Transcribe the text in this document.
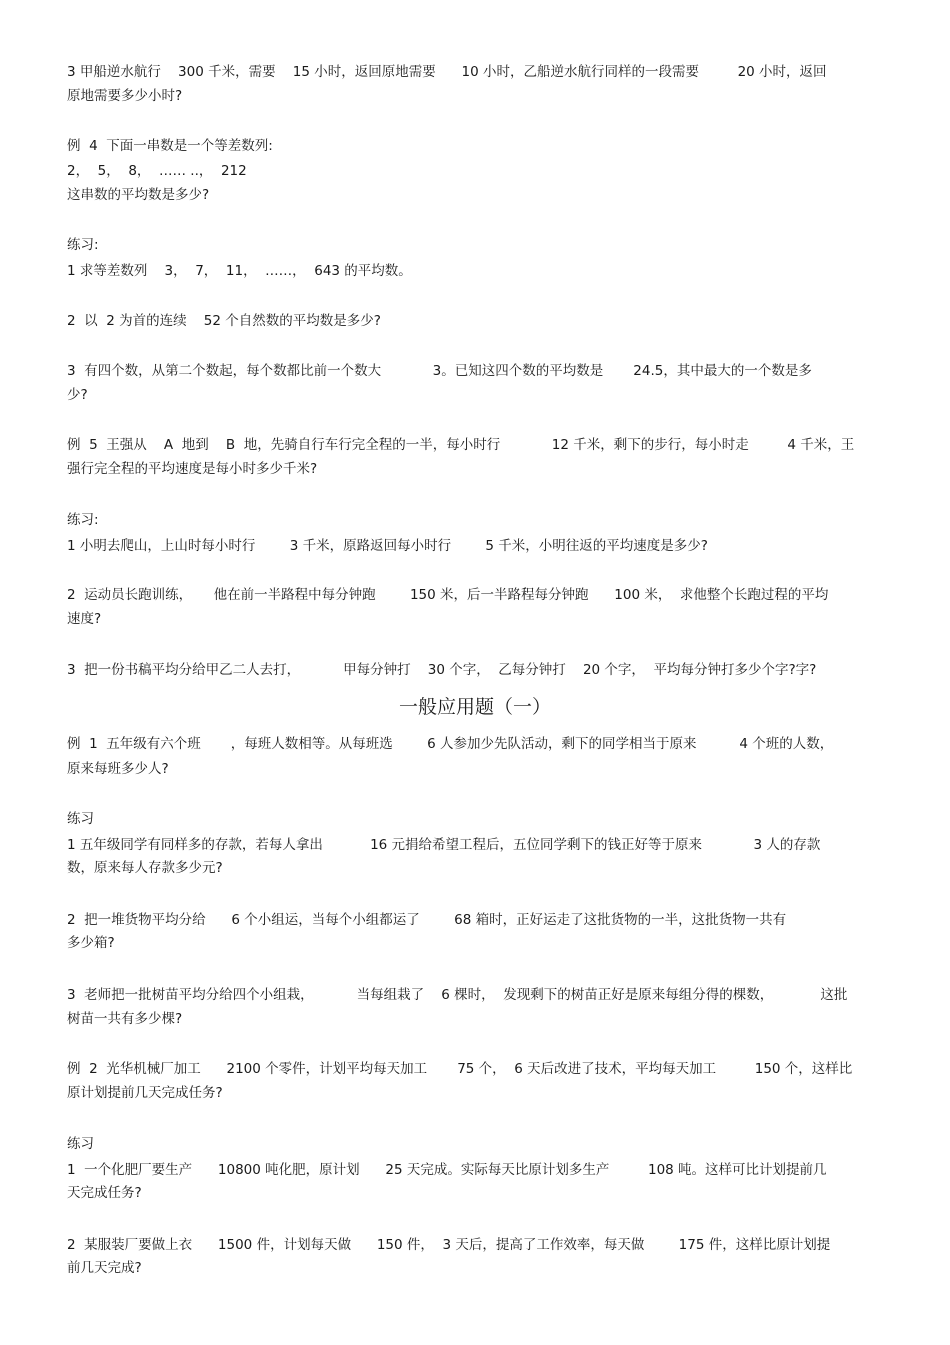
3 甲船逆水航行    300 千米，需要    15 小时，返回原地需要      10 小时，乙船逆水航行同样的一段需要         20 小时，返回
原地需要多少小时?
例  4  下面一串数是一个等差数列:
2，  5，  8，  …… ..，  212
这串数的平均数是多少?
练习:
1 求等差数列    3，  7，  11，  ……，  643 的平均数。
2  以  2 为首的连续    52 个自然数的平均数是多少?
3  有四个数，从第二个数起，每个数都比前一个数大            3。已知这四个数的平均数是       24.5，其中最大的一个数是多
少?
例  5  王强从    A  地到    B  地，先骑自行车行完全程的一半，每小时行            12 千米，剩下的步行，每小时走         4 千米，王
强行完全程的平均速度是每小时多少千米?
练习:
1 小明去爬山，上山时每小时行        3 千米，原路返回每小时行        5 千米，小明往返的平均速度是多少?
2  运动员长跑训练，     他在前一半路程中每分钟跑        150 米，后一半路程每分钟跑      100 米，  求他整个长跑过程的平均
速度?
3  把一份书稿平均分给甲乙二人去打，          甲每分钟打    30 个字，  乙每分钟打    20 个字，  平均每分钟打多少个字?字?
一般应用题（一）
例  1  五年级有六个班       ，每班人数相等。从每班选        6 人参加少先队活动，剩下的同学相当于原来          4 个班的人数，
原来每班多少人?
练习
1 五年级同学有同样多的存款，若每人拿出           16 元捐给希望工程后，五位同学剩下的钱正好等于原来            3 人的存款
数，原来每人存款多少元?
2  把一堆货物平均分给      6 个小组运，当每个小组都运了        68 箱时，正好运走了这批货物的一半，这批货物一共有
多少箱?
3  老师把一批树苗平均分给四个小组栽，          当每组栽了    6 棵时，  发现剩下的树苗正好是原来每组分得的棵数，           这批
树苗一共有多少棵?
例  2  光华机械厂加工      2100 个零件，计划平均每天加工       75 个，  6 天后改进了技术，平均每天加工         150 个，这样比
原计划提前几天完成任务?
练习
1  一个化肥厂要生产      10800 吨化肥，原计划      25 天完成。实际每天比原计划多生产         108 吨。这样可比计划提前几
天完成任务?
2  某服装厂要做上衣      1500 件，计划每天做      150 件，  3 天后，提高了工作效率，每天做        175 件，这样比原计划提
前几天完成?
